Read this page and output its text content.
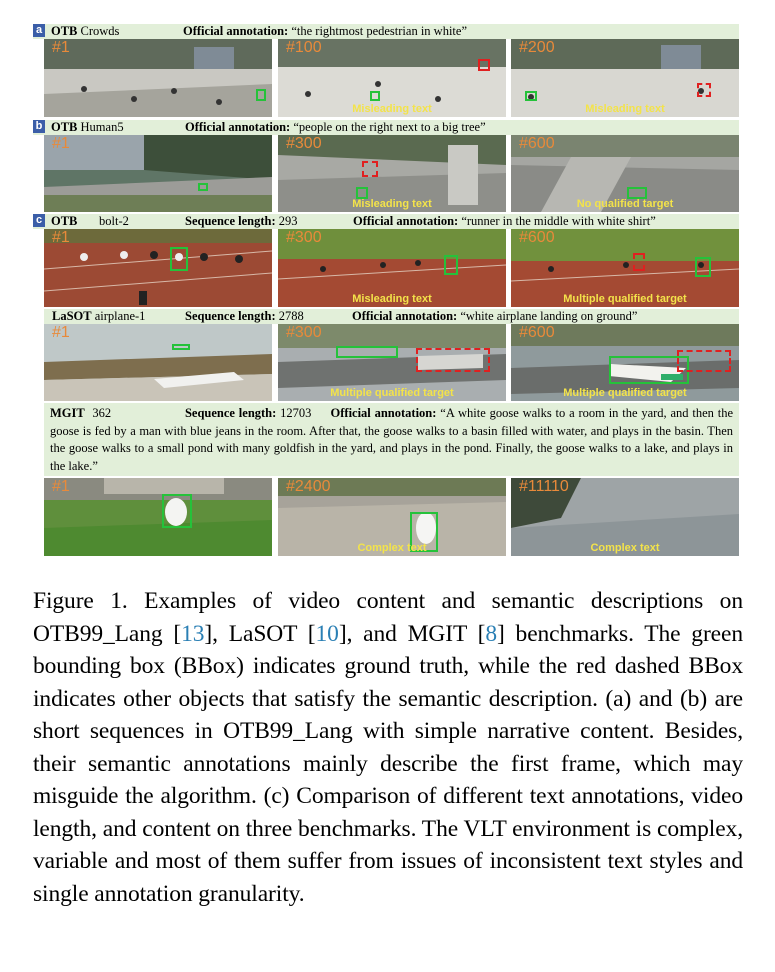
a OTB Crowds	Official annotation: “the rightmost pedestrian in white”
#1	#100
Misleading text
#200
Misleading text
b OTB Human5	Official annotation: “people on the right next to a big tree”
#1	#300
Misleading text
#600
No qualified target
c OTB bolt-2	Sequence length: 293	Official annotation: “runner in the middle with white shirt”
#1	#300
Misleading text
#600
Multiple qualified target
LaSOT airplane-1	Sequence length: 2788	Official annotation: “white airplane landing on ground”
#1	#300
Multiple qualified target
#600
Multiple qualified target
MGIT 362	Sequence length: 12703 Official annotation: “A white goose walks to a room in the yard, and then the goose is fed by a man with blue jeans in the room. After that, the goose walks to a basin filled with water, and plays in the basin. Then the goose walks to a small pond with many goldfish in the yard, and plays in the pond. Finally, the goose walks to a lake, and plays in the lake.”
#1	#2400
Complex text
#11110
Complex text
Figure 1. Examples of video content and semantic descriptions on OTB99_Lang [13], LaSOT [10], and MGIT [8] benchmarks. The green bounding box (BBox) indicates ground truth, while the red dashed BBox indicates other objects that satisfy the semantic description. (a) and (b) are short sequences in OTB99_Lang with simple narrative content. Besides, their semantic annotations mainly describe the first frame, which may misguide the algorithm. (c) Comparison of different text annotations, video length, and content on three benchmarks. The VLT environment is complex, variable and most of them suffer from issues of inconsistent text styles and single annotation granularity.
